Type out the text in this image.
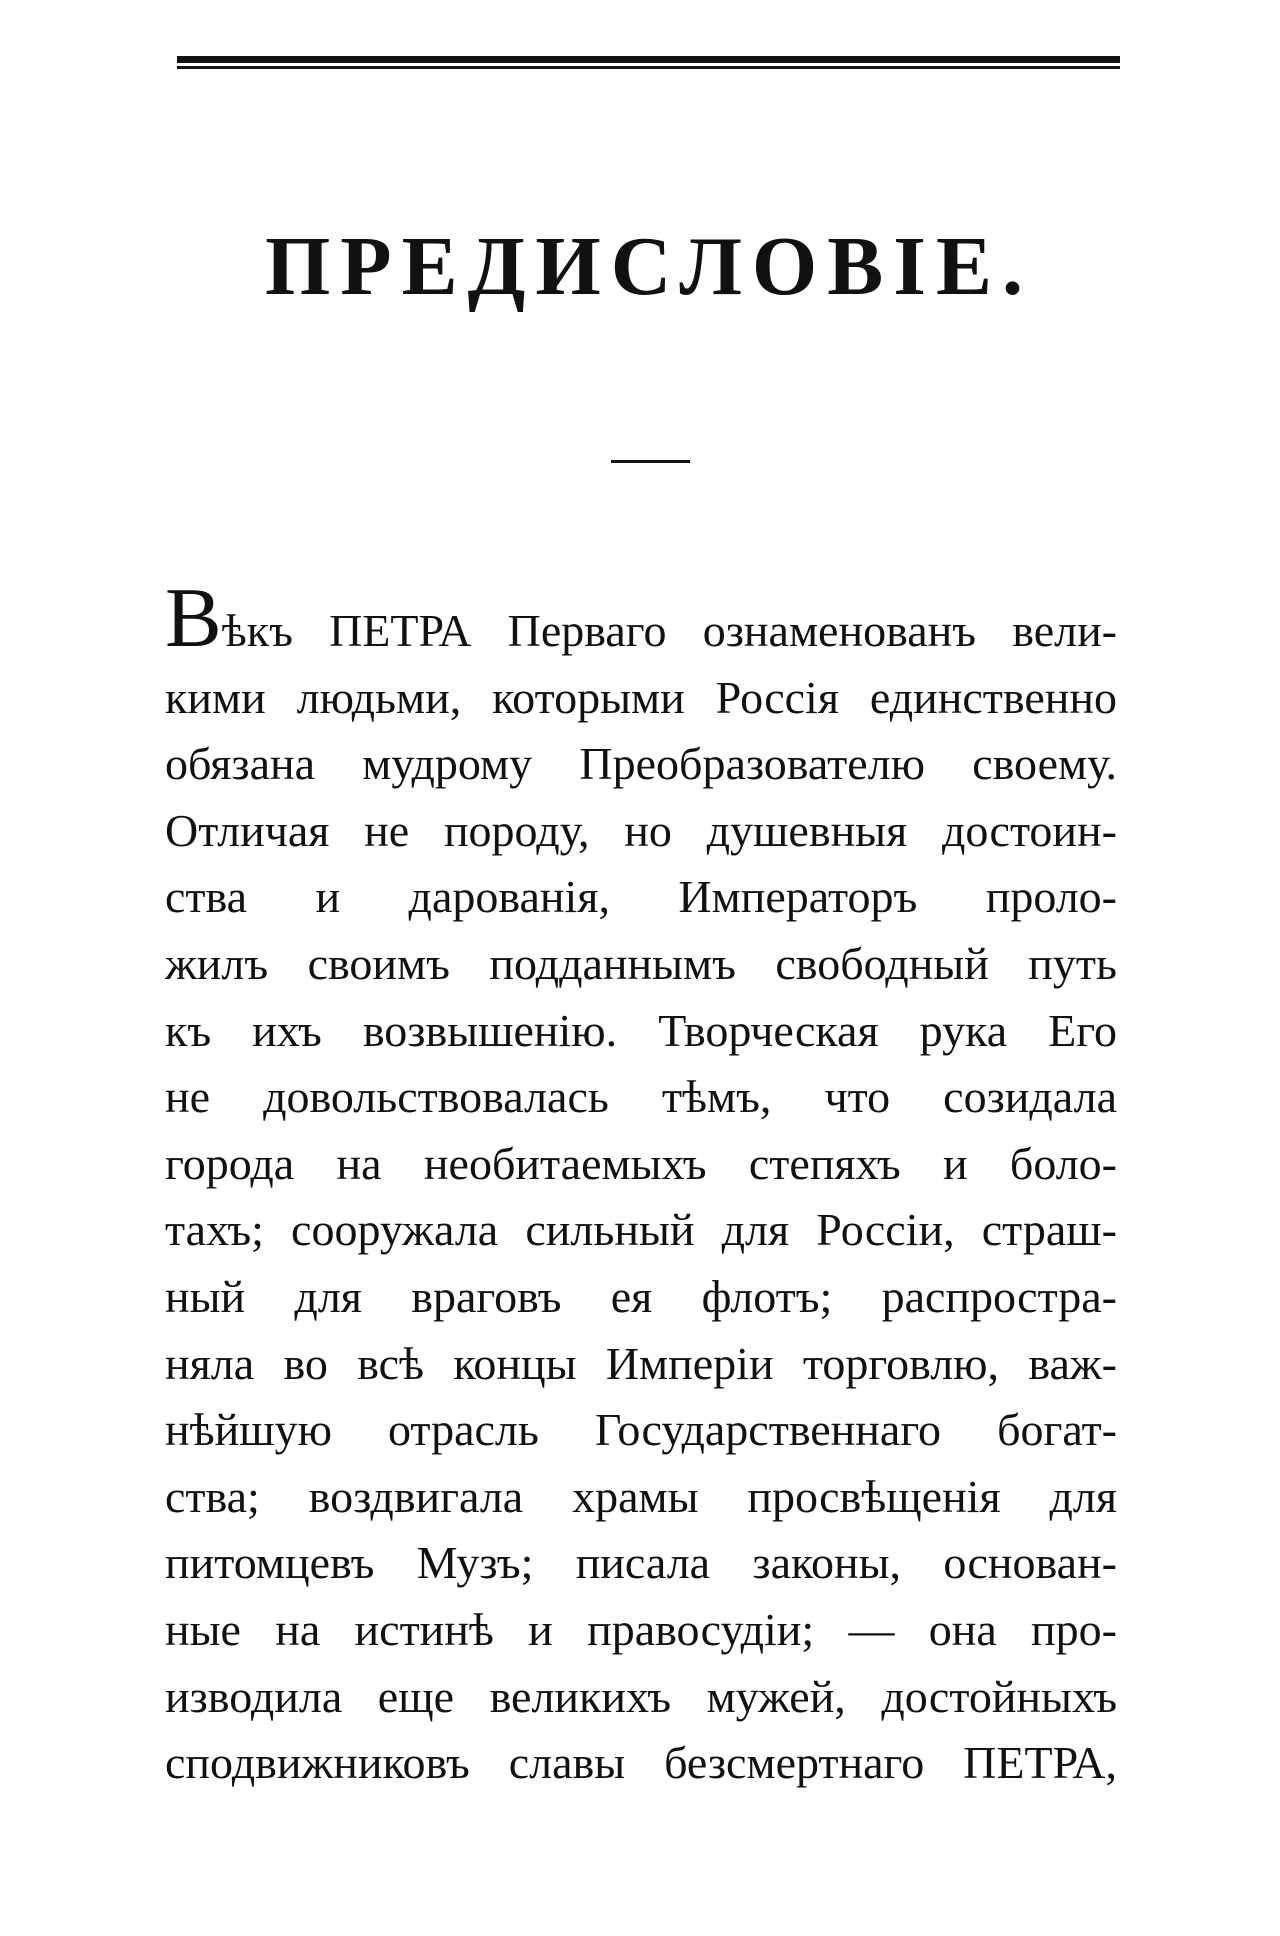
ПРЕДИСЛОВІЕ.
Вѣкъ ПЕТРА Перваго ознаменованъ вели-
кими людьми, которыми Россія единственно
обязана мудрому Преобразователю своему.
Отличая не породу, но душевныя достоин-
ства и дарованія, Императоръ проло-
жилъ своимъ подданнымъ свободный путь
къ ихъ возвышенію. Творческая рука Его
не довольствовалась тѣмъ, что созидала
города на необитаемыхъ степяхъ и боло-
тахъ; сооружала сильный для Россіи, страш-
ный для враговъ ея флотъ; распростра-
няла во всѣ концы Имперіи торговлю, важ-
нѣйшую отрасль Государственнаго богат-
ства; воздвигала храмы просвѣщенія для
питомцевъ Музъ; писала законы, основан-
ные на истинѣ и правосудіи; — она про-
изводила еще великихъ мужей, достойныхъ
сподвижниковъ славы безсмертнаго ПЕТРА,
